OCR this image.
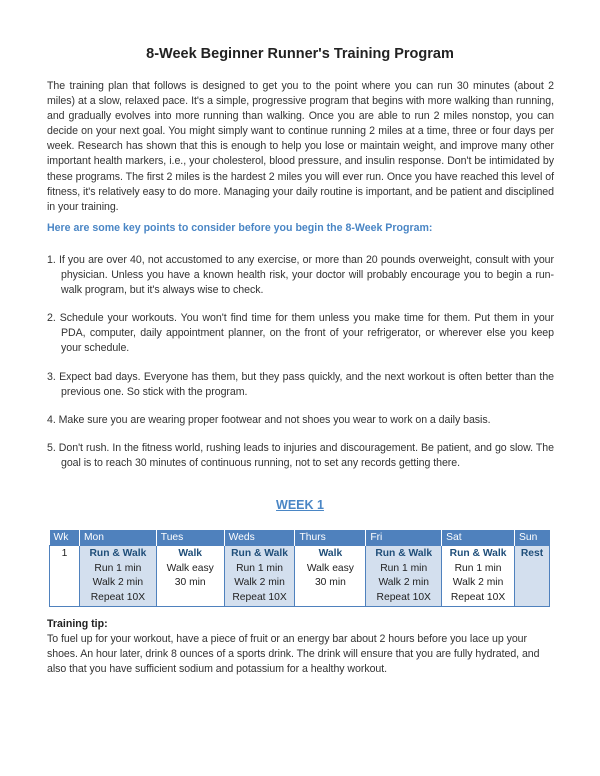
8-Week Beginner Runner's Training Program

The training plan that follows is designed to get you to the point where you can run 30 minutes (about 2 miles) at a slow, relaxed pace. It's a simple, progressive program that begins with more walking than running, and gradually evolves into more running than walking. Once you are able to run 2 miles nonstop, you can decide on your next goal. You might simply want to continue running 2 miles at a time, three or four days per week. Research has shown that this is enough to help you lose or maintain weight, and improve many other important health markers, i.e., your cholesterol, blood pressure, and insulin response. Don't be intimidated by these programs. The first 2 miles is the hardest 2 miles you will ever run. Once you have reached this level of fitness, it's relatively easy to do more. Managing your daily routine is important, and be patient and disciplined in your training.

Here are some key points to consider before you begin the 8-Week Program:

1. If you are over 40, not accustomed to any exercise, or more than 20 pounds overweight, consult with your physician. Unless you have a known health risk, your doctor will probably encourage you to begin a run-walk program, but it's always wise to check.
2. Schedule your workouts. You won't find time for them unless you make time for them. Put them in your PDA, computer, daily appointment planner, on the front of your refrigerator, or wherever else you keep your schedule.
3. Expect bad days. Everyone has them, but they pass quickly, and the next workout is often better than the previous one. So stick with the program.
4. Make sure you are wearing proper footwear and not shoes you wear to work on a daily basis.
5. Don't rush. In the fitness world, rushing leads to injuries and discouragement. Be patient, and go slow. The goal is to reach 30 minutes of continuous running, not to set any records getting there.

WEEK 1

Wk	Mon	Tues	Weds	Thurs	Fri	Sat	Sun

1	Run & Walk
Run 1 min
Walk 2 min
Repeat 10X	Walk
Walk easy
30 min	Run & Walk
Run 1 min
Walk 2 min
Repeat 10X	Walk
Walk easy
30 min	Run & Walk
Run 1 min
Walk 2 min
Repeat 10X	Run & Walk
Run 1 min
Walk 2 min
Repeat 10X	Rest

Training tip:

To fuel up for your workout, have a piece of fruit or an energy bar about 2 hours before you lace up your shoes. An hour later, drink 8 ounces of a sports drink. The drink will ensure that you are fully hydrated, and also that you have sufficient sodium and potassium for a healthy workout.
